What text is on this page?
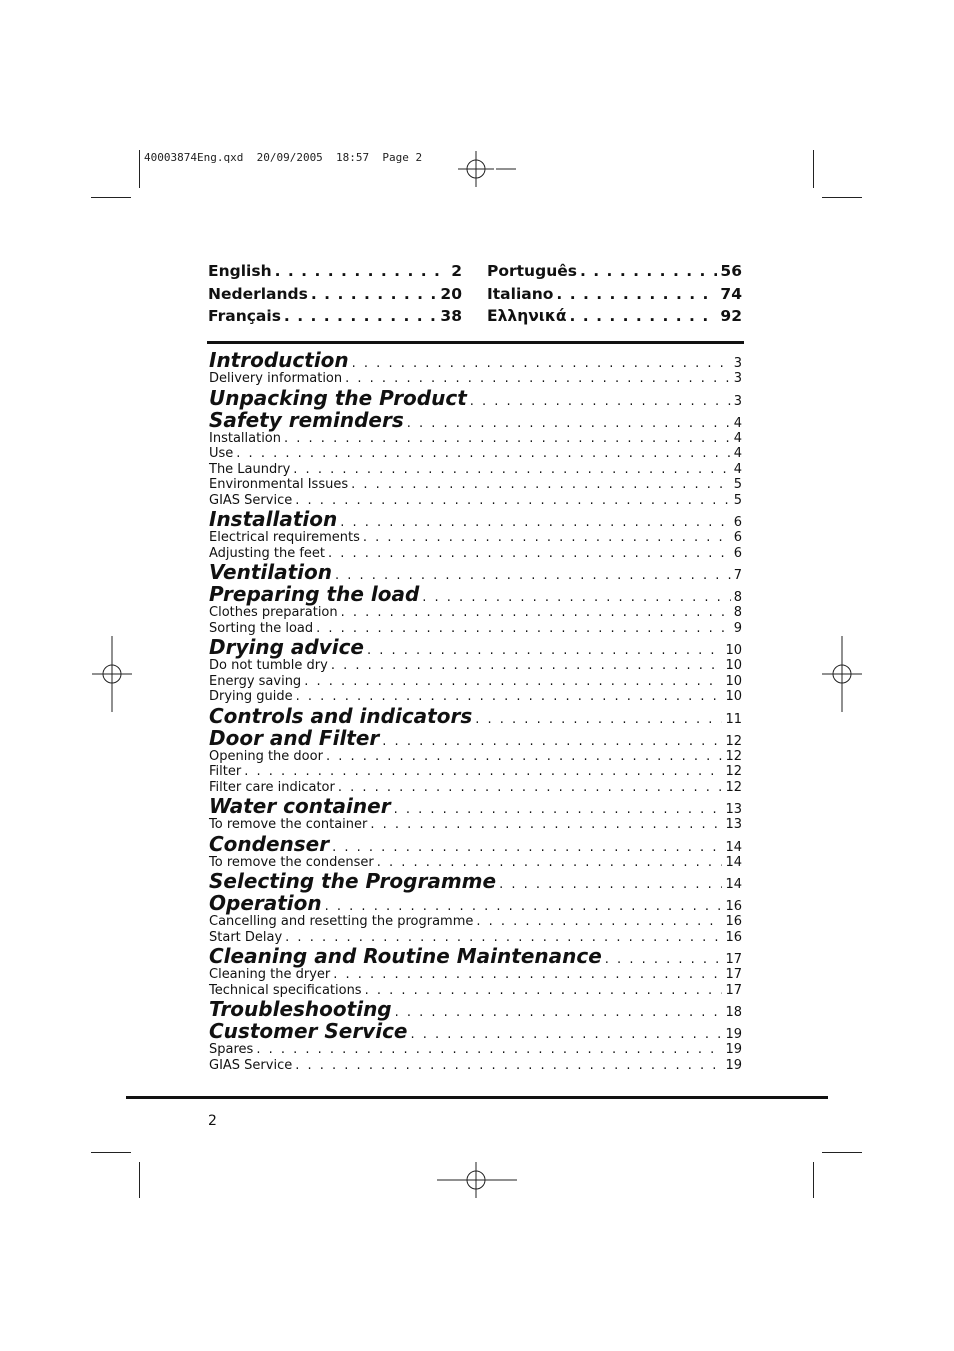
40003874Eng.qxd  20/09/2005  18:57  Page 2
English . . .	2
Nederlands . . .	20
Français . . .	38
Português . . .	56
Italiano . . .	74
Ελληνικά . . .	92
Introduction . . .	3
Delivery information . . .	3
Unpacking the Product . . .	3
Safety reminders . . .	4
Installation . . .	4
Use . . .	4
The Laundry . . .	4
Environmental Issues . . .	5
GIAS Service . . .	5
Installation . . .	6
Electrical requirements . . .	6
Adjusting the feet . . .	6
Ventilation . . .	7
Preparing the load . . .	8
Clothes preparation . . .	8
Sorting the load . . .	9
Drying advice . . .	10
Do not tumble dry . . .	10
Energy saving . . .	10
Drying guide . . .	10
Controls and indicators . . .	11
Door and Filter . . .	12
Opening the door . . .	12
Filter . . .	12
Filter care indicator . . .	12
Water container . . .	13
To remove the container . . .	13
Condenser . . .	14
To remove the condenser . . .	14
Selecting the Programme . . .	14
Operation . . .	16
Cancelling and resetting the programme . . .	16
Start Delay . . .	16
Cleaning and Routine Maintenance . . .	17
Cleaning the dryer . . .	17
Technical specifications . . .	17
Troubleshooting . . .	18
Customer Service . . .	19
Spares . . .	19
GIAS Service . . .	19
2
